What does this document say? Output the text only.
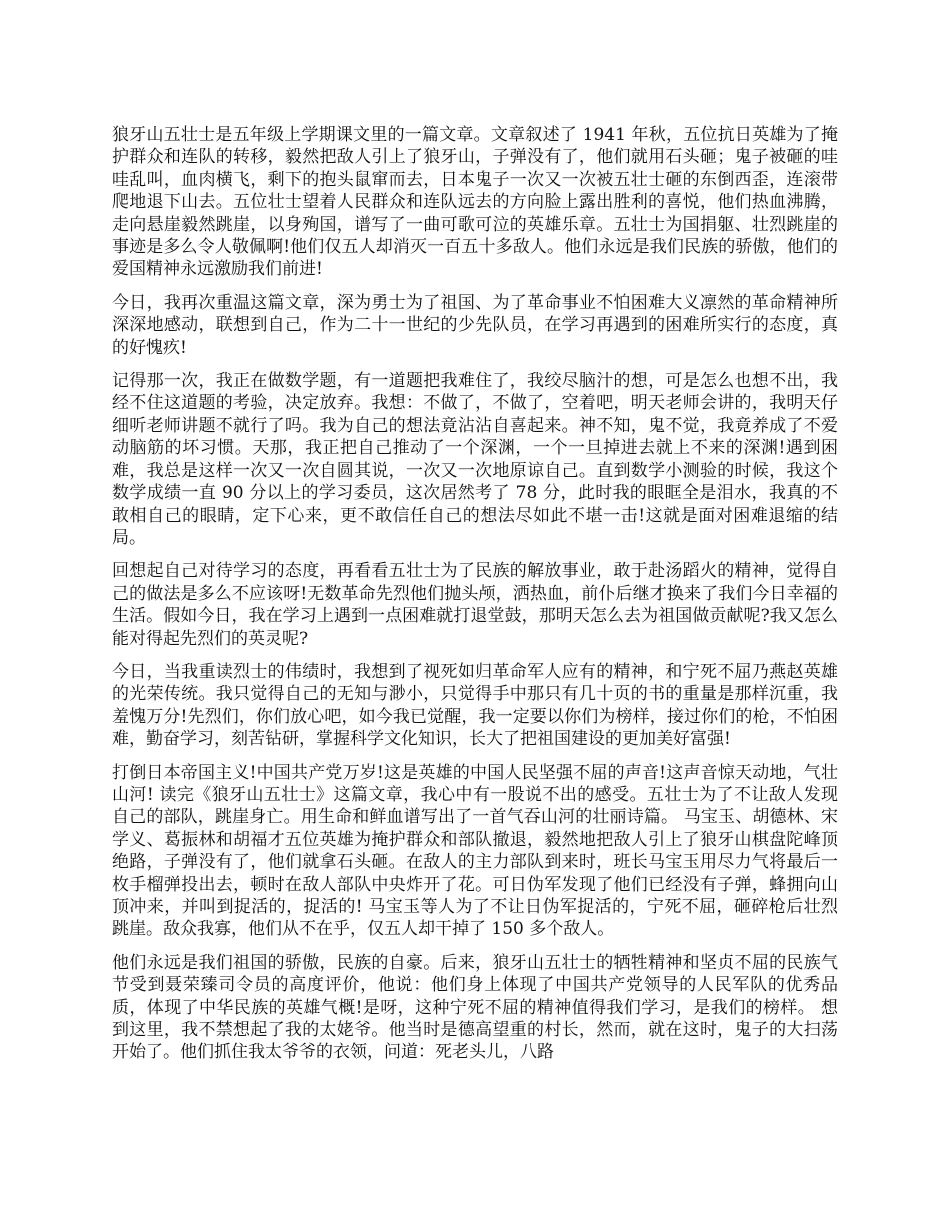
狼牙山五壮士是五年级上学期课文里的一篇文章。文章叙述了 1941 年秋，五位抗日英雄为了掩护群众和连队的转移，毅然把敌人引上了狼牙山，子弹没有了，他们就用石头砸；鬼子被砸的哇哇乱叫，血肉横飞，剩下的抱头鼠窜而去，日本鬼子一次又一次被五壮士砸的东倒西歪，连滚带爬地退下山去。五位壮士望着人民群众和连队远去的方向脸上露出胜利的喜悦，他们热血沸腾，走向悬崖毅然跳崖，以身殉国，谱写了一曲可歌可泣的英雄乐章。五壮士为国捐躯、壮烈跳崖的事迹是多么令人敬佩啊!他们仅五人却消灭一百五十多敌人。他们永远是我们民族的骄傲，他们的爱国精神永远激励我们前进!

今日，我再次重温这篇文章，深为勇士为了祖国、为了革命事业不怕困难大义凛然的革命精神所深深地感动，联想到自己，作为二十一世纪的少先队员，在学习再遇到的困难所实行的态度，真的好愧疚!

记得那一次，我正在做数学题，有一道题把我难住了，我绞尽脑汁的想，可是怎么也想不出，我经不住这道题的考验，决定放弃。我想：不做了，不做了，空着吧，明天老师会讲的，我明天仔细听老师讲题不就行了吗。我为自己的想法竟沾沾自喜起来。神不知，鬼不觉，我竟养成了不爱动脑筋的坏习惯。天那，我正把自己推动了一个深渊，一个一旦掉进去就上不来的深渊!遇到困难，我总是这样一次又一次自圆其说，一次又一次地原谅自己。直到数学小测验的时候，我这个数学成绩一直 90 分以上的学习委员，这次居然考了 78 分，此时我的眼眶全是泪水，我真的不敢相自己的眼睛，定下心来，更不敢信任自己的想法尽如此不堪一击!这就是面对困难退缩的结局。

回想起自己对待学习的态度，再看看五壮士为了民族的解放事业，敢于赴汤蹈火的精神，觉得自己的做法是多么不应该呀!无数革命先烈他们抛头颅，洒热血，前仆后继才换来了我们今日幸福的生活。假如今日，我在学习上遇到一点困难就打退堂鼓，那明天怎么去为祖国做贡献呢?我又怎么能对得起先烈们的英灵呢?

今日，当我重读烈士的伟绩时，我想到了视死如归革命军人应有的精神，和宁死不屈乃燕赵英雄的光荣传统。我只觉得自己的无知与渺小，只觉得手中那只有几十页的书的重量是那样沉重，我羞愧万分!先烈们，你们放心吧，如今我已觉醒，我一定要以你们为榜样，接过你们的枪，不怕困难，勤奋学习，刻苦钻研，掌握科学文化知识，长大了把祖国建设的更加美好富强!

打倒日本帝国主义!中国共产党万岁!这是英雄的中国人民坚强不屈的声音!这声音惊天动地，气壮山河! 读完《狼牙山五壮士》这篇文章，我心中有一股说不出的感受。五壮士为了不让敌人发现自己的部队，跳崖身亡。用生命和鲜血谱写出了一首气吞山河的壮丽诗篇。 马宝玉、胡德林、宋学义、葛振林和胡福才五位英雄为掩护群众和部队撤退，毅然地把敌人引上了狼牙山棋盘陀峰顶绝路，子弹没有了，他们就拿石头砸。在敌人的主力部队到来时，班长马宝玉用尽力气将最后一枚手榴弹投出去，顿时在敌人部队中央炸开了花。可日伪军发现了他们已经没有子弹，蜂拥向山顶冲来，并叫到捉活的，捉活的! 马宝玉等人为了不让日伪军捉活的，宁死不屈，砸碎枪后壮烈跳崖。敌众我寡，他们从不在乎，仅五人却干掉了 150 多个敌人。

他们永远是我们祖国的骄傲，民族的自豪。后来，狼牙山五壮士的牺牲精神和坚贞不屈的民族气节受到聂荣臻司令员的高度评价，他说：他们身上体现了中国共产党领导的人民军队的优秀品质，体现了中华民族的英雄气概!是呀，这种宁死不屈的精神值得我们学习，是我们的榜样。 想到这里，我不禁想起了我的太姥爷。他当时是德高望重的村长，然而，就在这时，鬼子的大扫荡开始了。他们抓住我太爷爷的衣领，问道：死老头儿，八路
